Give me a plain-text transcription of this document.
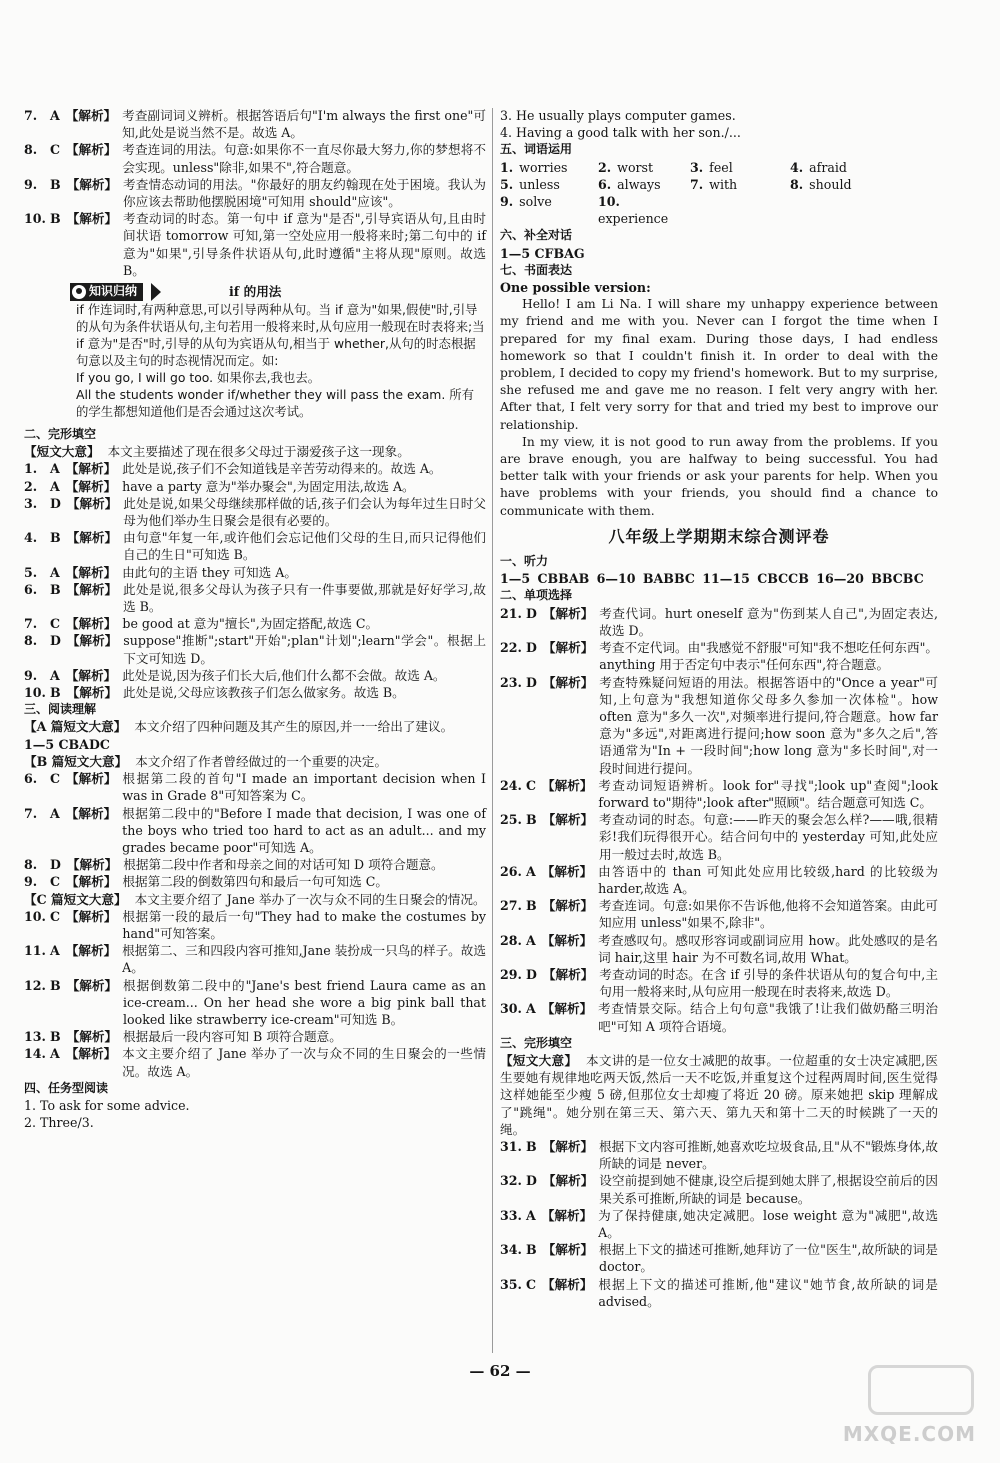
7.	A 【解析】 考查副词词义辨析。根据答语后句"I'm always the first one"可知,此处是说当然不是。故选 A。
8.	C 【解析】 考查连词的用法。句意:如果你不一直尽你最大努力,你的梦想将不会实现。unless"除非,如果不",符合题意。
9.	B 【解析】 考查情态动词的用法。"你最好的朋友约翰现在处于困境。我认为你应该去帮助他摆脱困境"可知用 should"应该"。
10. B 【解析】 考查动词的时态。第一句中 if 意为"是否",引导宾语从句,且由时间状语 tomorrow 可知,第一空处应用一般将来时;第二句中的 if 意为"如果",引导条件状语从句,此时遵循"主将从现"原则。故选 B。
知识归纳	if 的用法
if 作连词时,有两种意思,可以引导两种从句。当 if 意为"如果,假使"时,引导的从句为条件状语从句,主句若用一般将来时,从句应用一般现在时表将来;当 if 意为"是否"时,引导的从句为宾语从句,相当于 whether,从句的时态根据句意以及主句的时态视情况而定。如:
If you go, I will go too. 如果你去,我也去。
All the students wonder if/whether they will pass the exam. 所有的学生都想知道他们是否会通过这次考试。
二、完形填空
【短文大意】 本文主要描述了现在很多父母过于溺爱孩子这一现象。
1.	A 【解析】 此处是说,孩子们不会知道钱是辛苦劳动得来的。故选 A。
2.	A 【解析】 have a party 意为"举办聚会",为固定用法,故选 A。
3.	D 【解析】 此处是说,如果父母继续那样做的话,孩子们会认为每年过生日时父母为他们举办生日聚会是很有必要的。
4.	B 【解析】 由句意"年复一年,或许他们会忘记他们父母的生日,而只记得他们自己的生日"可知选 B。
5.	A 【解析】 由此句的主语 they 可知选 A。
6.	B 【解析】 此处是说,很多父母认为孩子只有一件事要做,那就是好好学习,故选 B。
7.	C 【解析】 be good at 意为"擅长",为固定搭配,故选 C。
8.	D 【解析】 suppose"推断";start"开始";plan"计划";learn"学会"。根据上下文可知选 D。
9.	A 【解析】 此处是说,因为孩子们长大后,他们什么都不会做。故选 A。
10. B 【解析】 此处是说,父母应该教孩子们怎么做家务。故选 B。
三、阅读理解
【A 篇短文大意】 本文介绍了四种问题及其产生的原因,并一一给出了建议。
1—5 CBADC
【B 篇短文大意】 本文介绍了作者曾经做过的一个重要的决定。
6.	C 【解析】 根据第二段的首句"I made an important decision when I was in Grade 8"可知答案为 C。
7.	A 【解析】 根据第二段中的"Before I made that decision, I was one of the boys who tried too hard to act as an adult... and my grades became poor"可知选 A。
8.	D 【解析】 根据第二段中作者和母亲之间的对话可知 D 项符合题意。
9.	C 【解析】 根据第二段的倒数第四句和最后一句可知选 C。
【C 篇短文大意】 本文主要介绍了 Jane 举办了一次与众不同的生日聚会的情况。
10. C 【解析】 根据第一段的最后一句"They had to make the costumes by hand"可知答案。
11. A 【解析】 根据第二、三和四段内容可推知,Jane 装扮成一只鸟的样子。故选 A。
12. B 【解析】 根据倒数第二段中的"Jane's best friend Laura came as an ice-cream... On her head she wore a big pink ball that looked like strawberry ice-cream"可知选 B。
13. B 【解析】 根据最后一段内容可知 B 项符合题意。
14. A 【解析】 本文主要介绍了 Jane 举办了一次与众不同的生日聚会的一些情况。故选 A。
四、任务型阅读
1. To ask for some advice.
2. Three/3.
3. He usually plays computer games.
4. Having a good talk with her son./...
五、词语运用
1. worries	2. worst	3. feel	4. afraid
5. unless	6. always	7. with	8. should
9. solve	10. experience
六、补全对话
1—5 CFBAG
七、书面表达
One possible version:

Hello! I am Li Na. I will share my unhappy experience between my friend and me with you. Never can I forgot the time when I prepared for my final exam. During those days, I had endless homework so that I couldn't finish it. In order to deal with the problem, I decided to copy my friend's homework. But to my surprise, she refused me and gave me no reason. I felt very angry with her. After that, I felt very sorry for that and tried my best to improve our relationship.

In my view, it is not good to run away from the problems. If you are brave enough, you are halfway to being successful. You had better talk with your friends or ask your parents for help. When you have problems with your friends, you should find a chance to communicate with them.

八年级上学期期末综合测评卷
一、听力
1—5 CBBAB 6—10 BABBC 11—15 CBCCB 16—20 BBCBC
二、单项选择
21. D 【解析】 考查代词。hurt oneself 意为"伤到某人自己",为固定表达,故选 D。
22. D 【解析】 考查不定代词。由"我感觉不舒服"可知"我不想吃任何东西"。anything 用于否定句中表示"任何东西",符合题意。
23. D 【解析】 考查特殊疑问短语的用法。根据答语中的"Once a year"可知,上句意为"我想知道你父母多久参加一次体检"。how often 意为"多久一次",对频率进行提问,符合题意。how far 意为"多远",对距离进行提问;how soon 意为"多久之后",答语通常为"In + 一段时间";how long 意为"多长时间",对一段时间进行提问。
24. C 【解析】 考查动词短语辨析。look for"寻找";look up"查阅";look forward to"期待";look after"照顾"。结合题意可知选 C。
25. B 【解析】 考查动词的时态。句意:——昨天的聚会怎么样?——哦,很精彩!我们玩得很开心。结合问句中的 yesterday 可知,此处应用一般过去时,故选 B。
26. A 【解析】 由答语中的 than 可知此处应用比较级,hard 的比较级为 harder,故选 A。
27. B 【解析】 考查连词。句意:如果你不告诉他,他将不会知道答案。由此可知应用 unless"如果不,除非"。
28. A 【解析】 考查感叹句。感叹形容词或副词应用 how。此处感叹的是名词 hair,这里 hair 为不可数名词,故用 What。
29. D 【解析】 考查动词的时态。在含 if 引导的条件状语从句的复合句中,主句用一般将来时,从句应用一般现在时表将来,故选 D。
30. A 【解析】 考查情景交际。结合上句句意"我饿了!让我们做奶酪三明治吧"可知 A 项符合语境。
三、完形填空
【短文大意】 本文讲的是一位女士减肥的故事。一位超重的女士决定减肥,医生要她有规律地吃两天饭,然后一天不吃饭,并重复这个过程两周时间,医生觉得这样她能至少瘦 5 磅,但那位女士却瘦了将近 20 磅。原来她把 skip 理解成了"跳绳"。她分别在第三天、第六天、第九天和第十二天的时候跳了一天的绳。
31. B 【解析】 根据下文内容可推断,她喜欢吃垃圾食品,且"从不"锻炼身体,故所缺的词是 never。
32. D 【解析】 设空前提到她不健康,设空后提到她太胖了,根据设空前后的因果关系可推断,所缺的词是 because。
33. A 【解析】 为了保持健康,她决定减肥。lose weight 意为"减肥",故选 A。
34. B 【解析】 根据上下文的描述可推断,她拜访了一位"医生",故所缺的词是 doctor。
35. C 【解析】 根据上下文的描述可推断,他"建议"她节食,故所缺的词是 advised。
— 62 —
MXQE.COM
